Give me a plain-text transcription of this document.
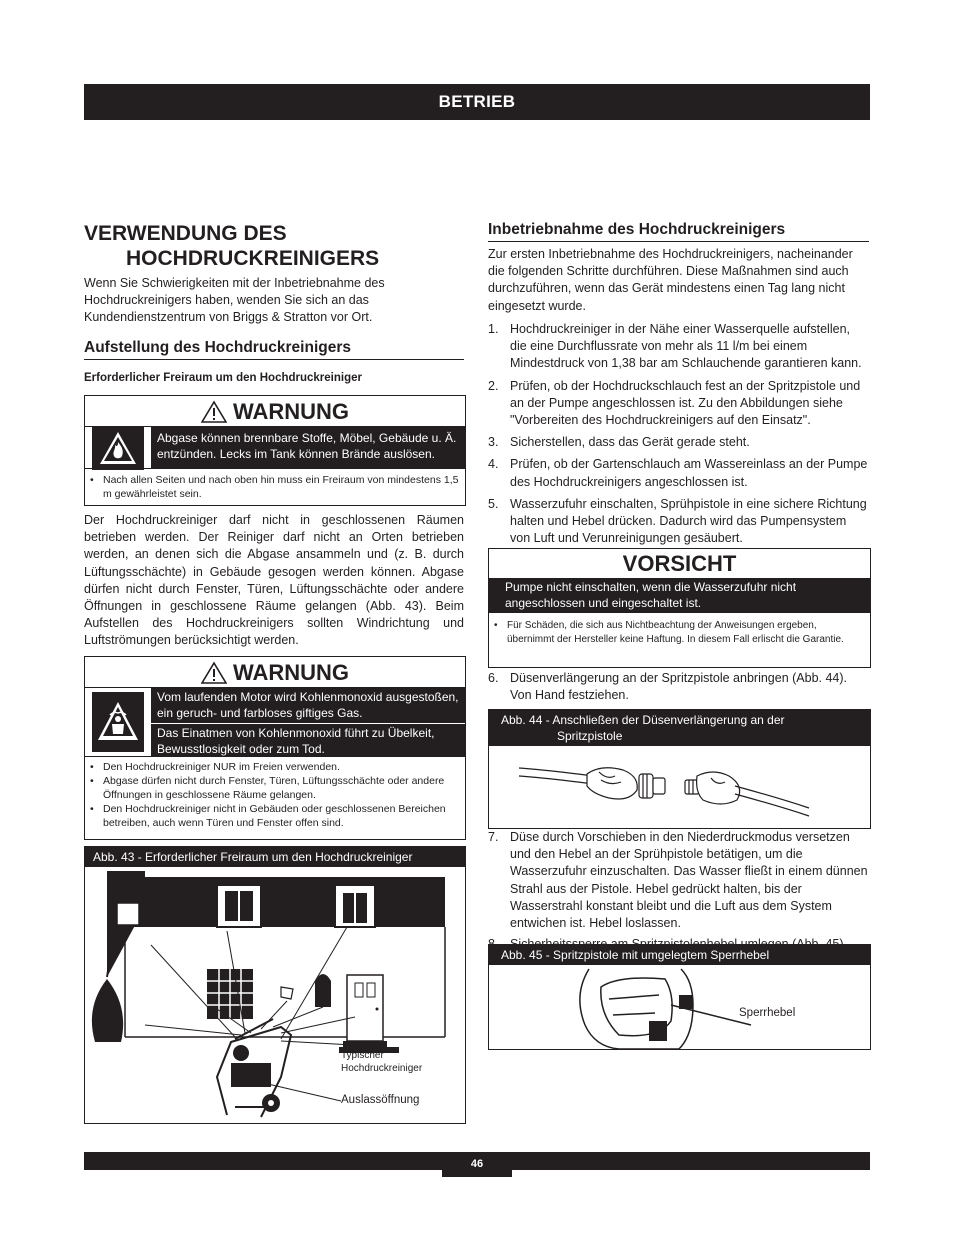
BETRIEB
VERWENDUNG DES
HOCHDRUCKREINIGERS
Wenn Sie Schwierigkeiten mit der Inbetriebnahme des Hochdruckreinigers haben, wenden Sie sich an das Kundendienstzentrum von Briggs & Stratton vor Ort.
Aufstellung des Hochdruckreinigers
Erforderlicher Freiraum um den Hochdruckreiniger
WARNUNG
Abgase können brennbare Stoffe, Möbel, Gebäude u. Ä. entzünden. Lecks im Tank können Brände auslösen.
• Nach allen Seiten und nach oben hin muss ein Freiraum von mindestens 1,5 m gewährleistet sein.
Der Hochdruckreiniger darf nicht in geschlossenen Räumen betrieben werden. Der Reiniger darf nicht an Orten betrieben werden, an denen sich die Abgase ansammeln und (z. B. durch Lüftungsschächte) in Gebäude gesogen werden können. Abgase dürfen nicht durch Fenster, Türen, Lüftungsschächte oder andere Öffnungen in geschlossene Räume gelangen (Abb. 43). Beim Aufstellen des Hochdruckreinigers sollten Windrichtung und Luftströmungen berücksichtigt werden.
WARNUNG
Vom laufenden Motor wird Kohlenmonoxid ausgestoßen, ein geruch- und farbloses giftiges Gas.
Das Einatmen von Kohlenmonoxid führt zu Übelkeit, Bewusstlosigkeit oder zum Tod.
• Den Hochdruckreiniger NUR im Freien verwenden.
• Abgase dürfen nicht durch Fenster, Türen, Lüftungsschächte oder andere Öffnungen in geschlossene Räume gelangen.
• Den Hochdruckreiniger nicht in Gebäuden oder geschlossenen Bereichen betreiben, auch wenn Türen und Fenster offen sind.
Abb. 43 - Erforderlicher Freiraum um den Hochdruckreiniger
Typischer
Hochdruckreiniger
Auslassöffnung
Inbetriebnahme des Hochdruckreinigers
Zur ersten Inbetriebnahme des Hochdruckreinigers, nacheinander die folgenden Schritte durchführen. Diese Maßnahmen sind auch durchzuführen, wenn das Gerät mindestens einen Tag lang nicht eingesetzt wurde.
1. Hochdruckreiniger in der Nähe einer Wasserquelle aufstellen, die eine Durchflussrate von mehr als 11 l/m bei einem Mindestdruck von 1,38 bar am Schlauchende garantieren kann.
2. Prüfen, ob der Hochdruckschlauch fest an der Spritzpistole und an der Pumpe angeschlossen ist. Zu den Abbildungen siehe "Vorbereiten des Hochdruckreinigers auf den Einsatz".
3. Sicherstellen, dass das Gerät gerade steht.
4. Prüfen, ob der Gartenschlauch am Wassereinlass an der Pumpe des Hochdruckreinigers angeschlossen ist.
5. Wasserzufuhr einschalten, Sprühpistole in eine sichere Richtung halten und Hebel drücken. Dadurch wird das Pumpensystem von Luft und Verunreinigungen gesäubert.
VORSICHT
Pumpe nicht einschalten, wenn die Wasserzufuhr nicht angeschlossen und eingeschaltet ist.
• Für Schäden, die sich aus Nichtbeachtung der Anweisungen ergeben, übernimmt der Hersteller keine Haftung. In diesem Fall erlischt die Garantie.
6. Düsenverlängerung an der Spritzpistole anbringen (Abb. 44). Von Hand festziehen.
Abb. 44 - Anschließen der Düsenverlängerung an der
Spritzpistole
7. Düse durch Vorschieben in den Niederdruckmodus versetzen und den Hebel an der Sprühpistole betätigen, um die Wasserzufuhr einzuschalten. Das Wasser fließt in einem dünnen Strahl aus der Pistole. Hebel gedrückt halten, bis der Wasserstrahl konstant bleibt und die Luft aus dem System entwichen ist. Hebel loslassen.
Abb. 45 - Spritzpistole mit umgelegtem Sperrhebel
Sperrhebel
46
